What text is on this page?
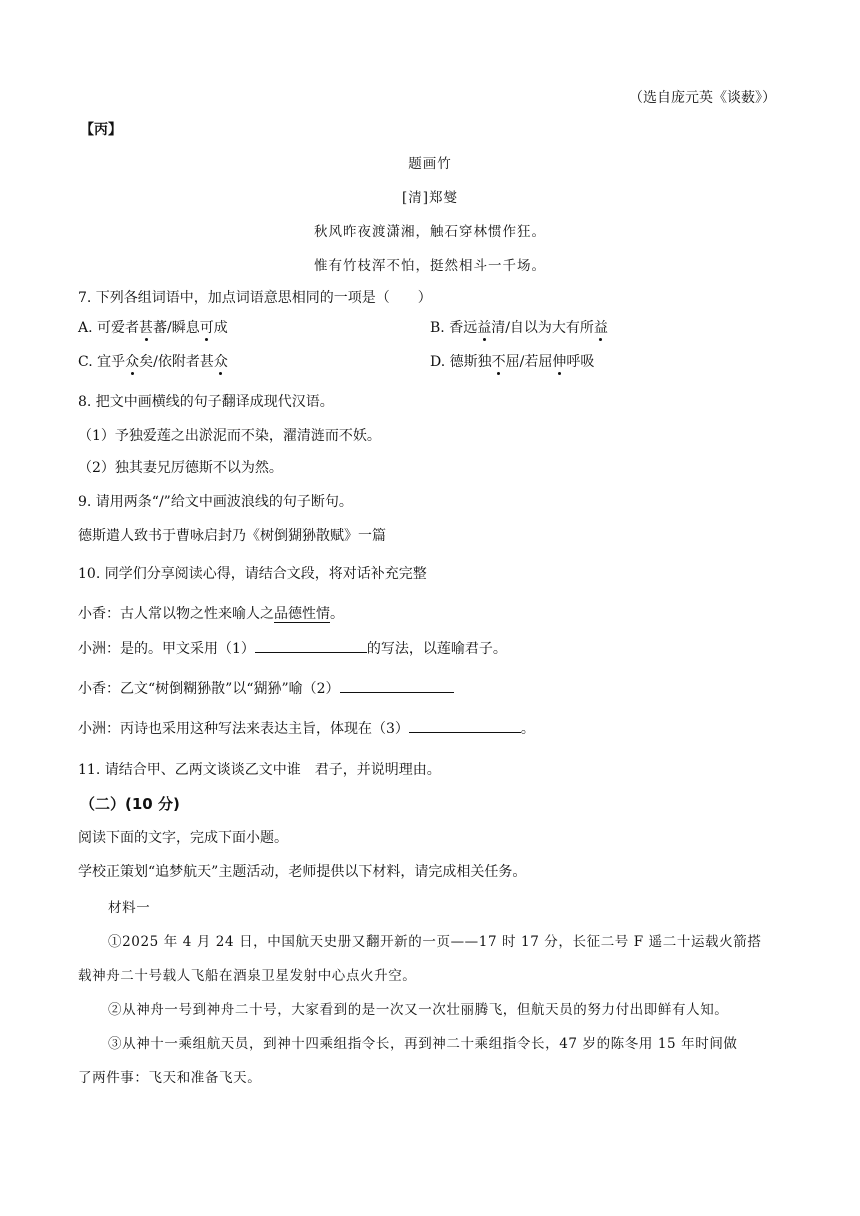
（选自庞元英《谈薮》）
【丙】
题画竹
[清]郑燮
秋风昨夜渡潇湘，触石穿林惯作狂。
惟有竹枝浑不怕，挺然相斗一千场。
7. 下列各组词语中，加点词语意思相同的一项是（　　）
A. 可爱者甚蕃/瞬息可成	B. 香远益清/自以为大有所益
C. 宜乎众矣/依附者甚众	D. 德斯独不屈/若屈伸呼吸
8. 把文中画横线的句子翻译成现代汉语。
（1）予独爱莲之出淤泥而不染，濯清涟而不妖。
（2）独其妻兄厉德斯不以为然。
9. 请用两条“/”给文中画波浪线的句子断句。
德斯遣人致书于曹咏启封乃《树倒猢狲散赋》一篇
10. 同学们分享阅读心得，请结合文段，将对话补充完整
小香：古人常以物之性来喻人之品德性情。
小洲：是的。甲文采用（1）	的写法，以莲喻君子。
小香：乙文“树倒糊狲散”以“猢狲”喻（2）
小洲：丙诗也采用这种写法来表达主旨，体现在（3）	。
11. 请结合甲、乙两文谈谈乙文中谁　君子，并说明理由。
（二）(10 分)
阅读下面的文字，完成下面小题。
学校正策划“追梦航天”主题活动，老师提供以下材料，请完成相关任务。
材料一
①2025 年 4 月 24 日，中国航天史册又翻开新的一页——17 时 17 分，长征二号 F 遥二十运载火箭搭
载神舟二十号载人飞船在酒泉卫星发射中心点火升空。
②从神舟一号到神舟二十号，大家看到的是一次又一次壮丽腾飞，但航天员的努力付出即鲜有人知。
③从神十一乘组航天员，到神十四乘组指令长，再到神二十乘组指令长，47 岁的陈冬用 15 年时间做
了两件事：飞天和准备飞天。
